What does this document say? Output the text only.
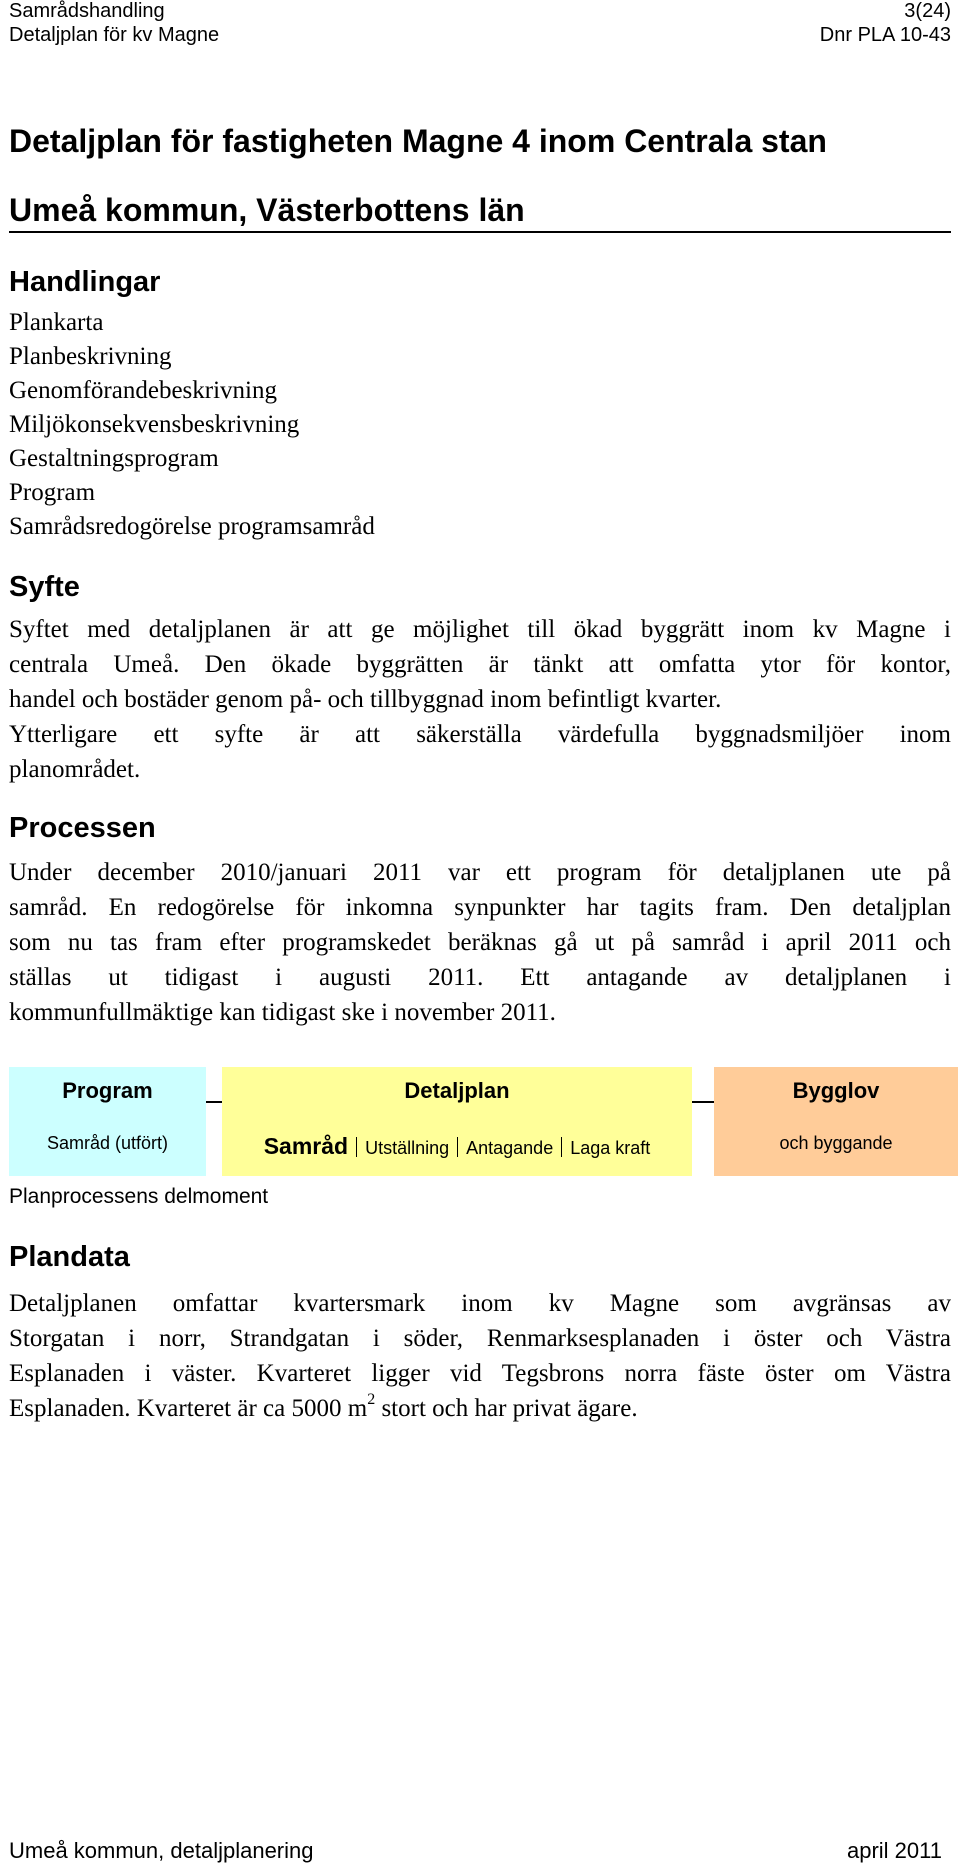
Samrådshandling	3(24)
Detaljplan för kv Magne	Dnr PLA 10-43
Detaljplan för fastigheten Magne 4 inom Centrala stan
Umeå kommun, Västerbottens län
Handlingar
Plankarta
Planbeskrivning
Genomförandebeskrivning
Miljökonsekvensbeskrivning
Gestaltningsprogram
Program
Samrådsredogörelse programsamråd
Syfte

Syftet med detaljplanen är att ge möjlighet till ökad byggrätt inom kv Magne i
centrala Umeå. Den ökade byggrätten är tänkt att omfatta ytor för kontor,
handel och bostäder genom på- och tillbyggnad inom befintligt kvarter.
Ytterligare ett syfte är att säkerställa värdefulla byggnadsmiljöer inom
planområdet.

Processen

Under december 2010/januari 2011 var ett program för detaljplanen ute på
samråd. En redogörelse för inkomna synpunkter har tagits fram. Den detaljplan
som nu tas fram efter programskedet beräknas gå ut på samråd i april 2011 och
ställas ut tidigast i augusti 2011. Ett antagande av detaljplanen i
kommunfullmäktige kan tidigast ske i november 2011.

Program
Samråd (utfört)
Detaljplan
Samråd Utställning Antagande Laga kraft
Bygglov
och byggande
Planprocessens delmoment
Plandata

Detaljplanen omfattar kvartersmark inom kv Magne som avgränsas av
Storgatan i norr, Strandgatan i söder, Renmarksesplanaden i öster och Västra
Esplanaden i väster. Kvarteret ligger vid Tegsbrons norra fäste öster om Västra
Esplanaden. Kvarteret är ca 5000 $m^2$ stort och har privat ägare.

Umeå kommun, detaljplanering	april 2011
